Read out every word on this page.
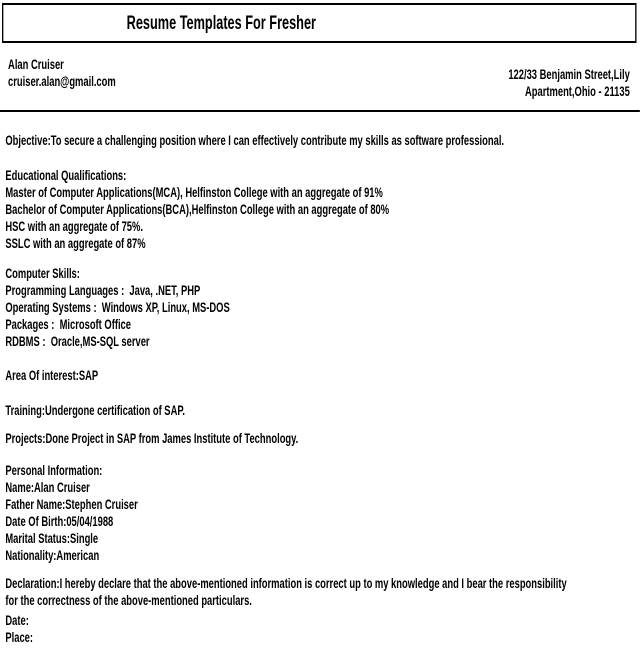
Resume Templates For Fresher
Alan Cruiser
cruiser.alan@gmail.com	122/33 Benjamin Street,Lily
Apartment,Ohio - 21135

Objective:To secure a challenging position where I can effectively contribute my skills as software professional.

Educational Qualifications:
Master of Computer Applications(MCA), Helfinston College with an aggregate of 91%
Bachelor of Computer Applications(BCA),Helfinston College with an aggregate of 80%
HSC with an aggregate of 75%.
SSLC with an aggregate of 87%
Computer Skills:
Programming Languages :  Java, .NET, PHP
Operating Systems :  Windows XP, Linux, MS-DOS
Packages :  Microsoft Office
RDBMS :  Oracle,MS-SQL server

Area Of interest:SAP

Training:Undergone certification of SAP.

Projects:Done Project in SAP from James Institute of Technology.

Personal Information:
Name:Alan Cruiser
Father Name:Stephen Cruiser
Date Of Birth:05/04/1988
Marital Status:Single
Nationality:American

Declaration:I hereby declare that the above-mentioned information is correct up to my knowledge and I bear the responsibility for the correctness of the above-mentioned particulars.

Date:

Place:
